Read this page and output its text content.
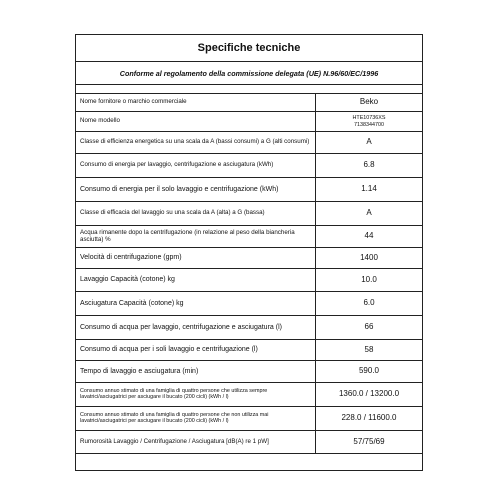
Specifiche tecniche
Conforme al regolamento della commissione delegata (UE) N.96/60/EC/1996
Nome fornitore o marchio commerciale	Beko
Nome modello	HTE10736XS
7138344700
Classe di efficienza energetica su una scala da A (bassi consumi) a G (alti consumi)	A
Consumo di energia per lavaggio, centrifugazione e asciugatura (kWh)	6.8
Consumo di energia per il solo lavaggio e centrifugazione (kWh)	1.14
Classe di efficacia del lavaggio su una scala da A (alta) a G (bassa)	A
Acqua rimanente dopo la centrifugazione (in relazione al peso della biancheria asciutta) %	44
Velocità di centrifugazione (gpm)	1400
Lavaggio Capacità (cotone) kg	10.0
Asciugatura Capacità (cotone) kg	6.0
Consumo di acqua per lavaggio, centrifugazione e asciugatura (l)	66
Consumo di acqua per i soli lavaggio e centrifugazione (l)	58
Tempo di lavaggio e asciugatura (min)	590.0
Consumo annuo stimato di una famiglia di quattro persone che utilizza sempre lavatrici/asciugatrici per asciugare il bucato (200 cicli) (kWh / l)	1360.0 / 13200.0
Consumo annuo stimato di una famiglia di quattro persone che non utilizza mai lavatrici/asciugatrici per asciugare il bucato (200 cicli) (kWh / l)	228.0 / 11600.0
Rumorosità Lavaggio / Centrifugazione / Asciugatura [dB(A) re 1 pW]	57/75/69
